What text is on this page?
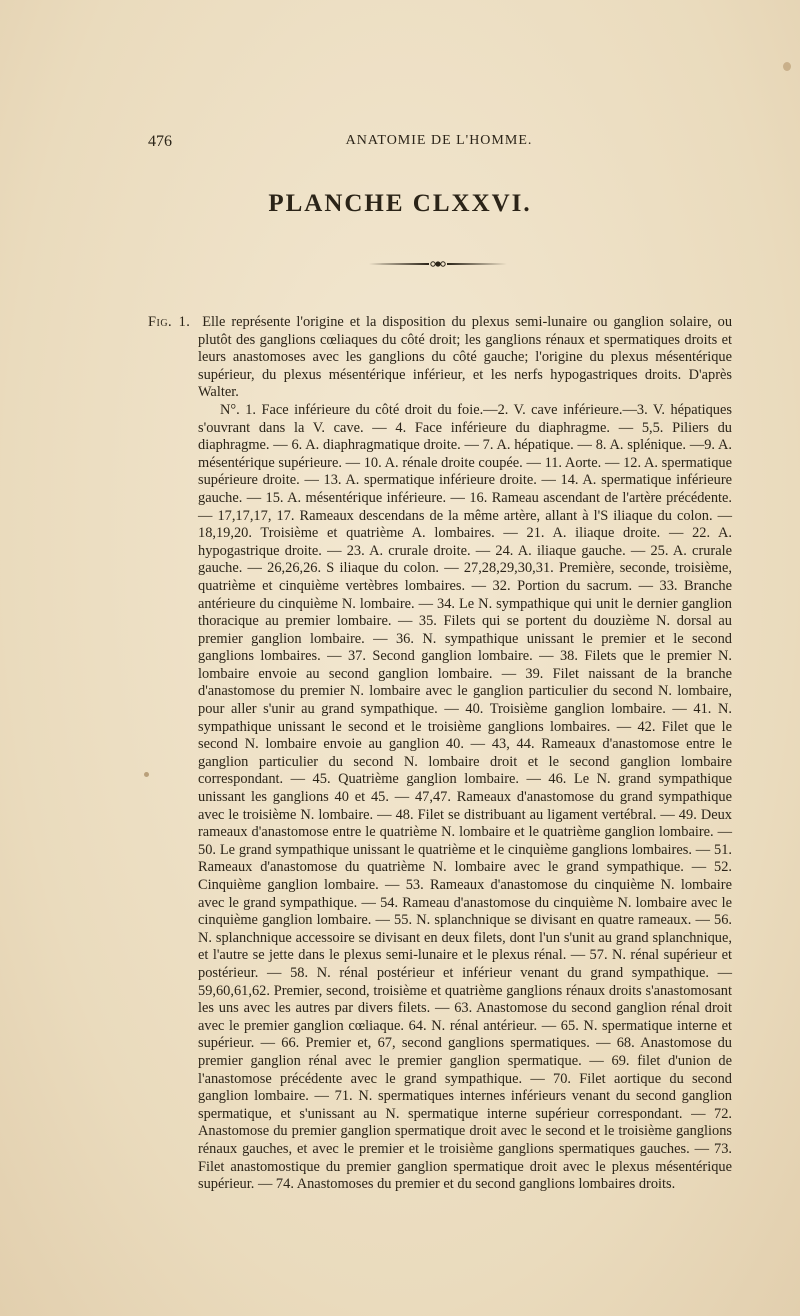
476	ANATOMIE DE L'HOMME.
PLANCHE CLXXVI.

Fig. 1. Elle représente l'origine et la disposition du plexus semi-lunaire ou ganglion solaire, ou plutôt des ganglions cœliaques du côté droit; les ganglions rénaux et spermatiques droits et leurs anastomoses avec les ganglions du côté gauche; l'origine du plexus mésentérique supérieur, du plexus mésentérique inférieur, et les nerfs hypogastriques droits. D'après Walter.

N°. 1. Face inférieure du côté droit du foie.—2. V. cave inférieure.—3. V. hépatiques s'ouvrant dans la V. cave. — 4. Face inférieure du diaphragme. — 5,5. Piliers du diaphragme. — 6. A. diaphragmatique droite. — 7. A. hépatique. — 8. A. splénique. —9. A. mésentérique supérieure. — 10. A. rénale droite coupée. — 11. Aorte. — 12. A. spermatique supérieure droite. — 13. A. spermatique inférieure droite. — 14. A. spermatique inférieure gauche. — 15. A. mésentérique inférieure. — 16. Rameau ascendant de l'artère précédente. — 17,17,17, 17. Rameaux descendans de la même artère, allant à l'S iliaque du colon. — 18,19,20. Troisième et quatrième A. lombaires. — 21. A. iliaque droite. — 22. A. hypogastrique droite. — 23. A. crurale droite. — 24. A. iliaque gauche. — 25. A. crurale gauche. — 26,26,26. S iliaque du colon. — 27,28,29,30,31. Première, seconde, troisième, quatrième et cinquième vertèbres lombaires. — 32. Portion du sacrum. — 33. Branche antérieure du cinquième N. lombaire. — 34. Le N. sympathique qui unit le dernier ganglion thoracique au premier lombaire. — 35. Filets qui se portent du douzième N. dorsal au premier ganglion lombaire. — 36. N. sympathique unissant le premier et le second ganglions lombaires. — 37. Second ganglion lombaire. — 38. Filets que le premier N. lombaire envoie au second ganglion lombaire. — 39. Filet naissant de la branche d'anastomose du premier N. lombaire avec le ganglion particulier du second N. lombaire, pour aller s'unir au grand sympathique. — 40. Troisième ganglion lombaire. — 41. N. sympathique unissant le second et le troisième ganglions lombaires. — 42. Filet que le second N. lombaire envoie au ganglion 40. — 43, 44. Rameaux d'anastomose entre le ganglion particulier du second N. lombaire droit et le second ganglion lombaire correspondant. — 45. Quatrième ganglion lombaire. — 46. Le N. grand sympathique unissant les ganglions 40 et 45. — 47,47. Rameaux d'anastomose du grand sympathique avec le troisième N. lombaire. — 48. Filet se distribuant au ligament vertébral. — 49. Deux rameaux d'anastomose entre le quatrième N. lombaire et le quatrième ganglion lombaire. — 50. Le grand sympathique unissant le quatrième et le cinquième ganglions lombaires. — 51. Rameaux d'anastomose du quatrième N. lombaire avec le grand sympathique. — 52. Cinquième ganglion lombaire. — 53. Rameaux d'anastomose du cinquième N. lombaire avec le grand sympathique. — 54. Rameau d'anastomose du cinquième N. lombaire avec le cinquième ganglion lombaire. — 55. N. splanchnique se divisant en quatre rameaux. — 56. N. splanchnique accessoire se divisant en deux filets, dont l'un s'unit au grand splanchnique, et l'autre se jette dans le plexus semi-lunaire et le plexus rénal. — 57. N. rénal supérieur et postérieur. — 58. N. rénal postérieur et inférieur venant du grand sympathique. — 59,60,61,62. Premier, second, troisième et quatrième ganglions rénaux droits s'anastomosant les uns avec les autres par divers filets. — 63. Anastomose du second ganglion rénal droit avec le premier ganglion cœliaque. 64. N. rénal antérieur. — 65. N. spermatique interne et supérieur. — 66. Premier et, 67, second ganglions spermatiques. — 68. Anastomose du premier ganglion rénal avec le premier ganglion spermatique. — 69. filet d'union de l'anastomose précédente avec le grand sympathique. — 70. Filet aortique du second ganglion lombaire. — 71. N. spermatiques internes inférieurs venant du second ganglion spermatique, et s'unissant au N. spermatique interne supérieur correspondant. — 72. Anastomose du premier ganglion spermatique droit avec le second et le troisième ganglions rénaux gauches, et avec le premier et le troisième ganglions spermatiques gauches. — 73. Filet anastomostique du premier ganglion spermatique droit avec le plexus mésentérique supérieur. — 74. Anastomoses du premier et du second ganglions lombaires droits.
